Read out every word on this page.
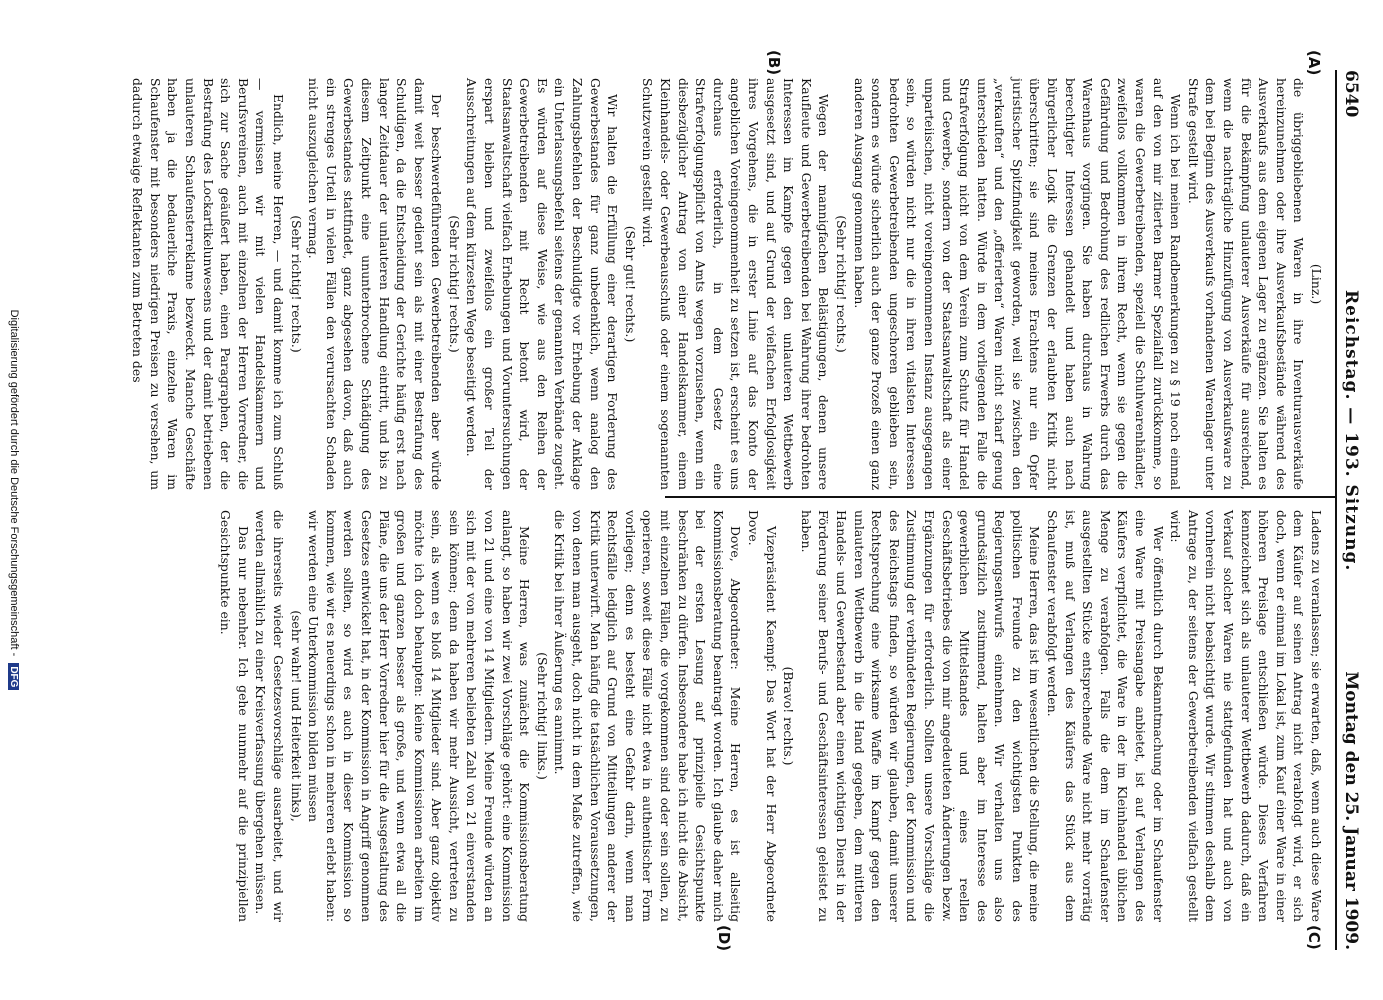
6540
Reichstag. — 193. Sitzung.
Montag den 25. Januar 1909.
(A)
(B)
(C)
(D)

(Linz.)

die übriggebliebenen Waren in ihre Inventurausverkäufe hereinzunehmen oder ihre Ausverkaufsbestände während des Ausverkaufs aus dem eigenen Lager zu ergänzen. Sie halten es für die Bekämpfung unlauterer Ausverkäufe für ausreichend, wenn die nachträgliche Hinzufügung von Ausverkaufsware zu dem bei Beginn des Ausverkaufs vorhandenen Warenlager unter Strafe gestellt wird.

Wenn ich bei meinen Randbemerkungen zu § 19 noch einmal auf den von mir zitierten Barmer Spezialfall zurückkomme, so waren die Gewerbetreibenden, speziell die Schuhwarenhändler, zweifellos vollkommen in ihrem Recht, wenn sie gegen die Gefährdung und Bedrohung des redlichen Erwerbs durch das Warenhaus vorgingen. Sie haben durchaus in Wahrung berechtigter Interessen gehandelt und haben auch nach bürgerlicher Logik die Grenzen der erlaubten Kritik nicht überschritten; sie sind meines Erachtens nur ein Opfer juristischer Spitzfindigkeit geworden, weil sie zwischen den „verkauften“ und den „offerierten“ Waren nicht scharf genug unterschieden hatten. Würde in dem vorliegenden Falle die Strafverfolgung nicht von dem Verein zum Schutz für Handel und Gewerbe, sondern von der Staatsanwaltschaft als einer unparteiischen, nicht voreingenommenen Instanz ausgegangen sein, so würden nicht nur die in ihren vitalsten Interessen bedrohten Gewerbetreibenden ungeschoren geblieben sein, sondern es würde sicherlich auch der ganze Prozeß einen ganz anderen Ausgang genommen haben.

(Sehr richtig! rechts.)

Wegen der mannigfachen Belästigungen, denen unsere Kaufleute und Gewerbetreibenden bei Wahrung ihrer bedrohten Interessen im Kampfe gegen den unlauteren Wettbewerb ausgesetzt sind, und auf Grund der vielfachen Erfolglosigkeit ihres Vorgehens, die in erster Linie auf das Konto der angeblichen Voreingenommenheit zu setzen ist, erscheint es uns durchaus erforderlich, in dem Gesetz eine Strafverfolgungspflicht von Amts wegen vorzusehen, wenn ein diesbezüglicher Antrag von einer Handelskammer, einem Kleinhandels- oder Gewerbeausschuß oder einem sogenannten Schutzverein gestellt wird.

(Sehr gut! rechts.)

Wir halten die Erfüllung einer derartigen Forderung des Gewerbestandes für ganz unbedenklich, wenn analog den Zahlungsbefehlen der Beschuldigte vor Erhebung der Anklage ein Unterlassungsbefehl seitens der genannten Verbände zugeht. Es würden auf diese Weise, wie aus den Reihen der Gewerbetreibenden mit Recht betont wird, der Staatsanwaltschaft vielfach Erhebungen und Voruntersuchungen erspart bleiben und zweifellos ein großer Teil der Ausschreitungen auf dem kürzesten Wege beseitigt werden.

(Sehr richtig! rechts.)

Der beschwerdeführenden Gewerbetreibenden aber würde damit weit besser gedient sein als mit einer Bestrafung des Schuldigen, da die Entscheidung der Gerichte häufig erst nach langer Zeitdauer der unlauteren Handlung eintritt, und bis zu diesem Zeitpunkt eine ununterbrochene Schädigung des Gewerbestandes stattfindet, ganz abgesehen davon, daß auch ein strenges Urteil in vielen Fällen den verursachten Schaden nicht auszugleichen vermag.

(Sehr richtig! rechts.)

Endlich, meine Herren, — und damit komme ich zum Schluß — vermissen wir mit vielen Handelskammern und Berufsvereinen, auch mit einzelnen der Herren Vorredner, die sich zur Sache geäußert haben, einen Paragraphen, der die Bestrafung des Lockartikelunwesens und der damit betriebenen unlauteren Schaufensterreklame bezweckt. Manche Geschäfte haben ja die bedauerliche Praxis, einzelne Waren im Schaufenster mit besonders niedrigen Preisen zu versehen, um dadurch etwaige Reflektanten zum Betreten des

Ladens zu veranlassen; sie erwarten, daß, wenn auch diese Ware dem Käufer auf seinen Antrag nicht verabfolgt wird, er sich doch, wenn er einmal im Lokal ist, zum Kauf einer Ware in einer höheren Preislage entschließen würde. Dieses Verfahren kennzeichnet sich als unlauterer Wettbewerb dadurch, daß ein Verkauf solcher Waren nie stattgefunden hat und auch von vornherein nicht beabsichtigt wurde. Wir stimmen deshalb dem Antrage zu, der seitens der Gewerbetreibenden vielfach gestellt wird:

Wer öffentlich durch Bekanntmachung oder im Schaufenster eine Ware mit Preisangabe anbietet, ist auf Verlangen des Käufers verpflichtet, die Ware in der im Kleinhandel üblichen Menge zu verabfolgen. Falls die dem im Schaufenster ausgestellten Stücke entsprechende Ware nicht mehr vorrätig ist, muß auf Verlangen des Käufers das Stück aus dem Schaufenster verabfolgt werden.

Meine Herren, das ist im wesentlichen die Stellung, die meine politischen Freunde zu den wichtigsten Punkten des Regierungsentwurfs einnehmen. Wir verhalten uns also grundsätzlich zustimmend, halten aber im Interesse des gewerblichen Mittelstandes und eines reellen Geschäftsbetriebes die von mir angedeuteten Änderungen bezw. Ergänzungen für erforderlich. Sollten unsere Vorschläge die Zustimmung der verbündeten Regierungen, der Kommission und des Reichstags finden, so würden wir glauben, damit unserer Rechtsprechung eine wirksame Waffe im Kampf gegen den unlauteren Wettbewerb in die Hand gegeben, dem mittleren Handels- und Gewerbestand aber einen wichtigen Dienst in der Förderung seiner Berufs- und Geschäftsinteressen geleistet zu haben.

(Bravo! rechts.)

Vizepräsident Kaempf: Das Wort hat der Herr Abgeordnete Dove.

Dove, Abgeordneter: Meine Herren, es ist allseitig Kommissionsberatung beantragt worden. Ich glaube daher mich bei der ersten Lesung auf prinzipielle Gesichtspunkte beschränken zu dürfen. Insbesondere habe ich nicht die Absicht, mit einzelnen Fällen, die vorgekommen sind oder sein sollen, zu operieren, soweit diese Fälle nicht etwa in authentischer Form vorliegen; denn es besteht eine Gefahr darin, wenn man Rechtsfälle lediglich auf Grund von Mitteilungen anderer der Kritik unterwirft. Man häufig die tatsächlichen Voraussetzungen, von denen man ausgeht, doch nicht in dem Maße zutreffen, wie die Kritik bei ihrer Äußerung es annimmt.

(Sehr richtig! links.)

Meine Herren, was zunächst die Kommissionsberatung anlangt, so haben wir zwei Vorschläge gehört: eine Kommission von 21 und eine von 14 Mitgliedern. Meine Freunde würden an sich mit der von mehreren beliebten Zahl von 21 einverstanden sein können; denn da haben wir mehr Aussicht, vertreten zu sein, als wenn es bloß 14 Mitglieder sind. Aber ganz objektiv möchte ich doch behaupten: kleine Kommissionen arbeiten im großen und ganzen besser als große, und wenn etwa all die Pläne, die uns der Herr Vorredner hier für die Ausgestaltung des Gesetzes entwickelt hat, in der Kommission in Angriff genommen werden sollten, so wird es auch in dieser Kommission so kommen, wie wir es neuerdings schon in mehreren erlebt haben: wir werden eine Unterkommission bilden müssen

(sehr wahr! und Heiterkeit links),

die ihrerseits wieder Gesetzesvorschläge ausarbeitet, und wir werden allmählich zu einer Kreisverfassung übergehen müssen.

Das nur nebenher. Ich gehe nunmehr auf die prinzipiellen Gesichtspunkte ein.

Digitalisierung gefördert durch die Deutsche Forschungsgemeinschaft - DFG
